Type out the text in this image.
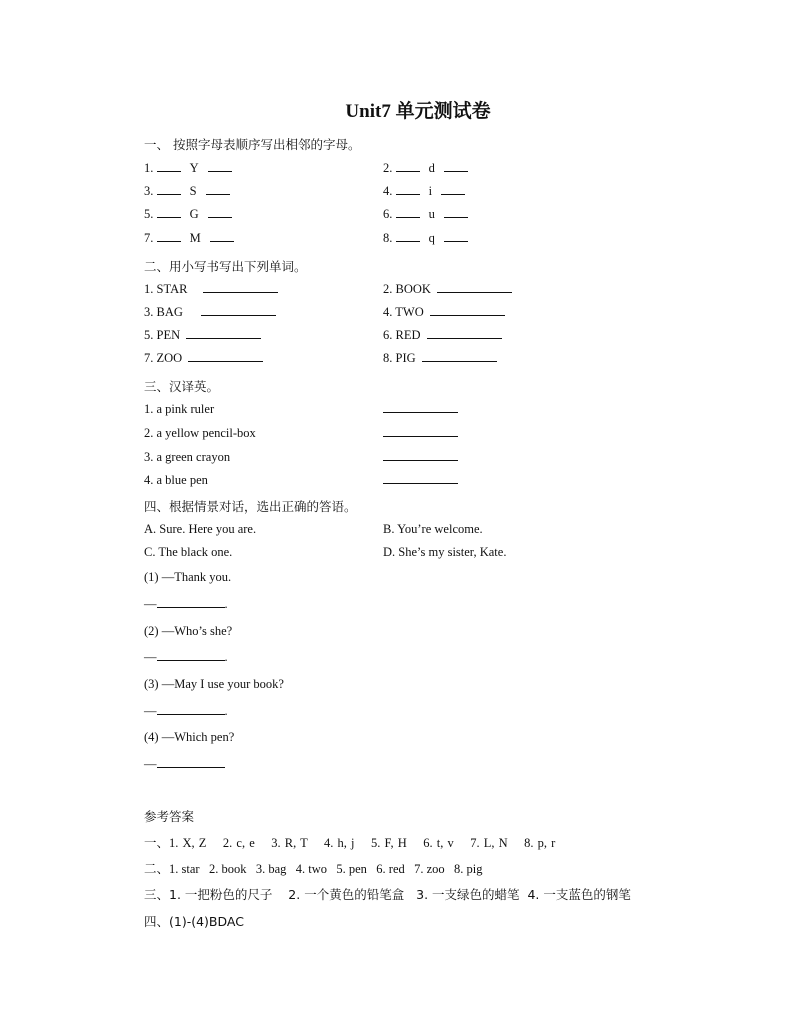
Unit7 单元测试卷
一、 按照字母表顺序写出相邻的字母。
1.	Y	2.	d
3.	S	4.	i
5.	G	6.	u
7.	M	8.	q
二、用小写书写出下列单词。
1. STAR	2. BOOK
3. BAG	4. TWO
5. PEN	6. RED
7. ZOO	8. PIG
三、汉译英。
1. a pink ruler
2. a yellow pencil-box
3. a green crayon
4. a blue pen
四、根据情景对话，选出正确的答语。
A. Sure. Here you are.	B. You’re welcome.
C. The black one.	D. She’s my sister, Kate.
(1) —Thank you.
—	.
(2) —Who’s she?
—	.
(3) —May I use your book?
—	.
(4) —Which pen?
—
参考答案
一、1. X, Z    2. c, e    3. R, T    4. h, j    5. F, H    6. t, v    7. L, N    8. p, r
二、1. star   2. book   3. bag   4. two   5. pen   6. red   7. zoo   8. pig
三、1. 一把粉色的尺子    2. 一个黄色的铅笔盒   3. 一支绿色的蜡笔  4. 一支蓝色的钢笔
四、(1)-(4)BDAC
